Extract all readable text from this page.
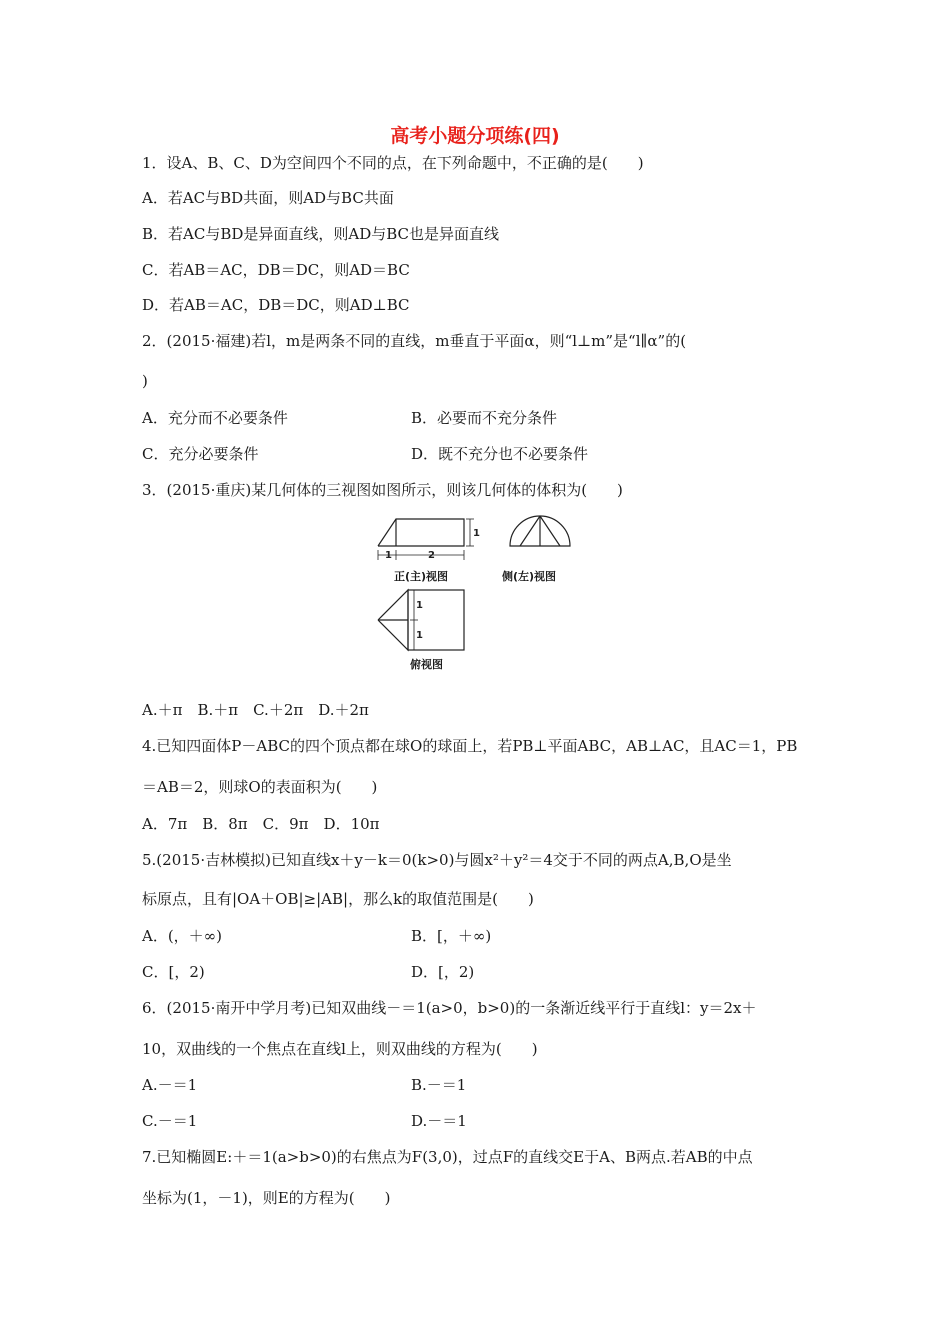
高考小题分项练(四)
1．设A、B、C、D为空间四个不同的点，在下列命题中，不正确的是(　　)
A．若AC与BD共面，则AD与BC共面
B．若AC与BD是异面直线，则AD与BC也是异面直线
C．若AB＝AC，DB＝DC，则AD＝BC
D．若AB＝AC，DB＝DC，则AD⊥BC
2．(2015·福建)若l，m是两条不同的直线，m垂直于平面α，则“l⊥m”是“l∥α”的(
)
A．充分而不必要条件	B．必要而不充分条件
C．充分必要条件	D．既不充分也不必要条件
3．(2015·重庆)某几何体的三视图如图所示，则该几何体的体积为(　　)
1	2
1
1
1
正(主)视图	侧(左)视图
俯视图
A.＋π　B.＋π　C.＋2π　D.＋2π
4.已知四面体P－ABC的四个顶点都在球O的球面上，若PB⊥平面ABC，AB⊥AC，且AC＝1，PB
＝AB＝2，则球O的表面积为(　　)
A．7π　B．8π　C．9π　D．10π
5.(2015·吉林模拟)已知直线x＋y－k＝0(k>0)与圆x²＋y²＝4交于不同的两点A,B,O是坐
标原点，且有|OA＋OB|≥|AB|，那么k的取值范围是(　　)
A．(，＋∞)	B．[，＋∞)
C．[，2)	D．[，2)
6．(2015·南开中学月考)已知双曲线－＝1(a>0，b>0)的一条渐近线平行于直线l：y＝2x＋
10，双曲线的一个焦点在直线l上，则双曲线的方程为(　　)
A.－＝1	B.－＝1
C.－＝1	D.－＝1
7.已知椭圆E:＋＝1(a>b>0)的右焦点为F(3,0)，过点F的直线交E于A、B两点.若AB的中点
坐标为(1，－1)，则E的方程为(　　)
